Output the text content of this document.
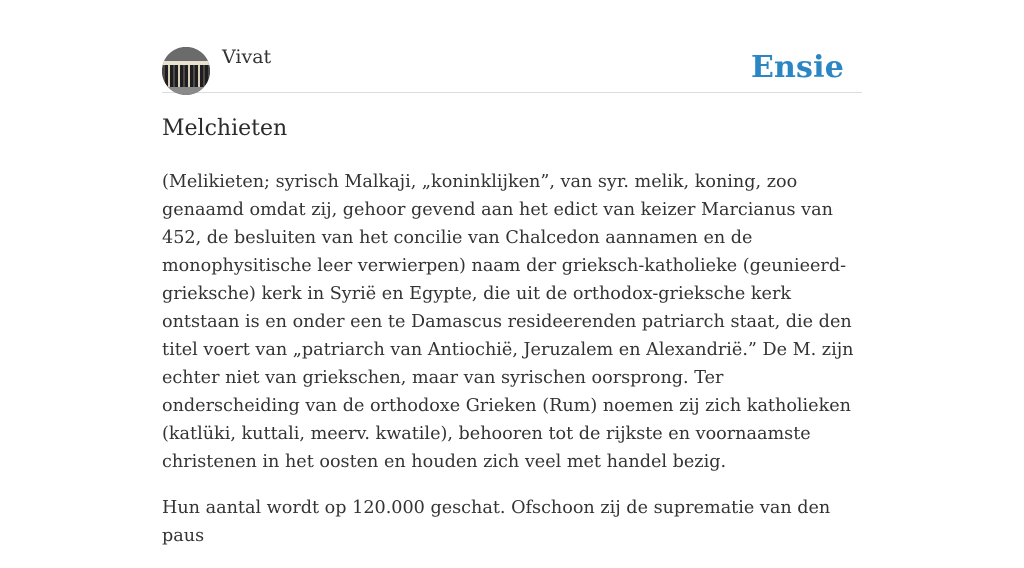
Vivat	Ensie
Melchieten

(Melikieten; syrisch Malkaji, „koninklijken”, van syr. melik, koning, zoo genaamd omdat zij, gehoor gevend aan het edict van keizer Marcianus van 452, de besluiten van het concilie van Chalcedon aannamen en de monophysitische leer verwierpen) naam der grieksch-katholieke (geunieerd-grieksche) kerk in Syrië en Egypte, die uit de orthodox-grieksche kerk ontstaan is en onder een te Damascus resideerenden patriarch staat, die den titel voert van „patriarch van Antiochië, Jeruzalem en Alexandrië.” De M. zijn echter niet van griekschen, maar van syrischen oorsprong. Ter onderscheiding van de orthodoxe Grieken (Rum) noemen zij zich katholieken (katlüki, kuttali, meerv. kwatile), behooren tot de rijkste en voornaamste christenen in het oosten en houden zich veel met handel bezig.

Hun aantal wordt op 120.000 geschat. Ofschoon zij de suprematie van den paus
